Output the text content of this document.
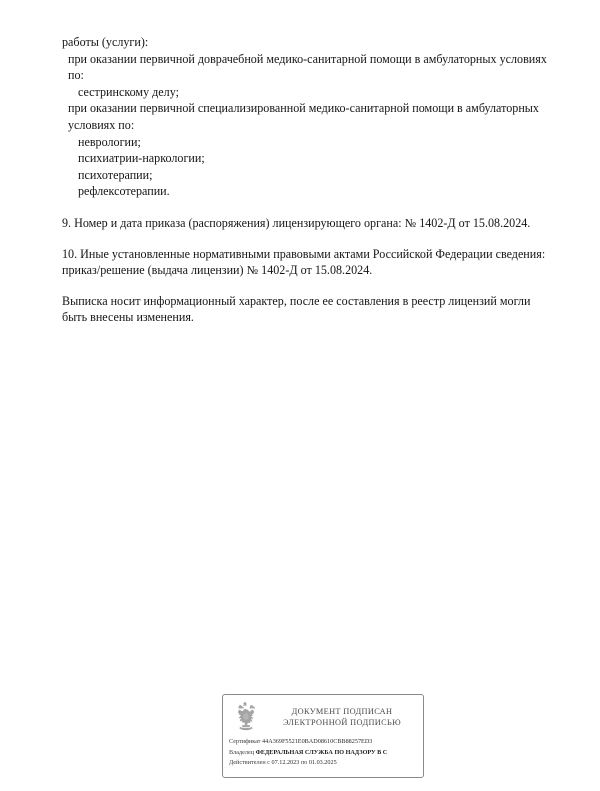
работы (услуги):

при оказании первичной доврачебной медико-санитарной помощи в амбулаторных условиях по:

сестринскому делу;

при оказании первичной специализированной медико-санитарной помощи в амбулаторных условиях по:

неврологии;

психиатрии-наркологии;

психотерапии;

рефлексотерапии.

9. Номер и дата приказа (распоряжения) лицензирующего органа: № 1402-Д от 15.08.2024.

10. Иные установленные нормативными правовыми актами Российской Федерации сведения:

приказ/решение (выдача лицензии) № 1402-Д от 15.08.2024.

Выписка носит информационный характер, после ее составления в реестр лицензий могли быть внесены изменения.

ДОКУМЕНТ ПОДПИСАН
ЭЛЕКТРОННОЙ ПОДПИСЬЮ
Сертификат 44A369F5521E0BAD08610CBB88257ED3
Владелец ФЕДЕРАЛЬНАЯ СЛУЖБА ПО НАДЗОРУ В С
Действителен с 07.12.2023 по 01.03.2025
